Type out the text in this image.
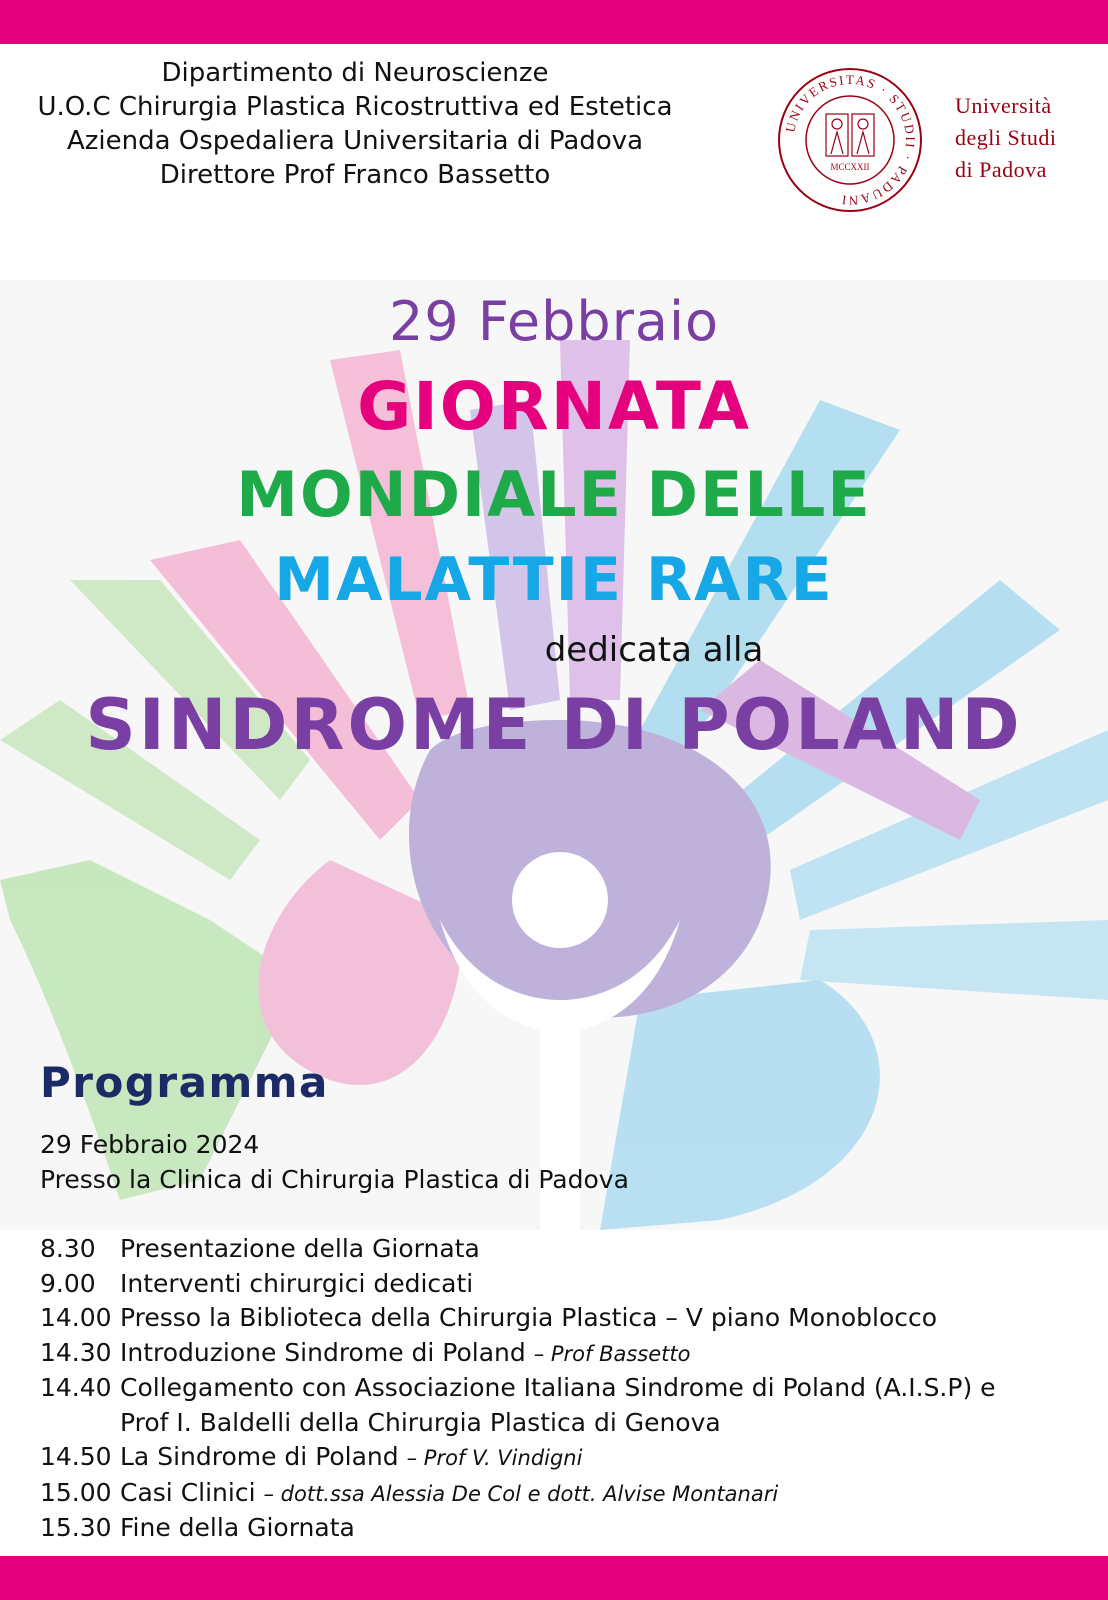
Dipartimento di Neuroscienze
U.O.C Chirurgia Plastica Ricostruttiva ed Estetica
Azienda Ospedaliera Universitaria di Padova
Direttore Prof Franco Bassetto
UNIVERSITAS · STUDII · PADUANI
MCCXXII
Università
degli Studi
di Padova
29 Febbraio
GIORNATA
MONDIALE DELLE
MALATTIE RARE
dedicata alla
SINDROME DI POLAND
Programma
29 Febbraio 2024
Presso la Clinica di Chirurgia Plastica di Padova
8.30 Presentazione della Giornata
9.00 Interventi chirurgici dedicati
14.00 Presso la Biblioteca della Chirurgia Plastica – V piano Monoblocco
14.30 Introduzione Sindrome di Poland – Prof Bassetto
14.40 Collegamento con Associazione Italiana Sindrome di Poland (A.I.S.P) e
Prof I. Baldelli della Chirurgia Plastica di Genova
14.50 La Sindrome di Poland – Prof V. Vindigni
15.00 Casi Clinici – dott.ssa Alessia De Col e dott. Alvise Montanari
15.30 Fine della Giornata
